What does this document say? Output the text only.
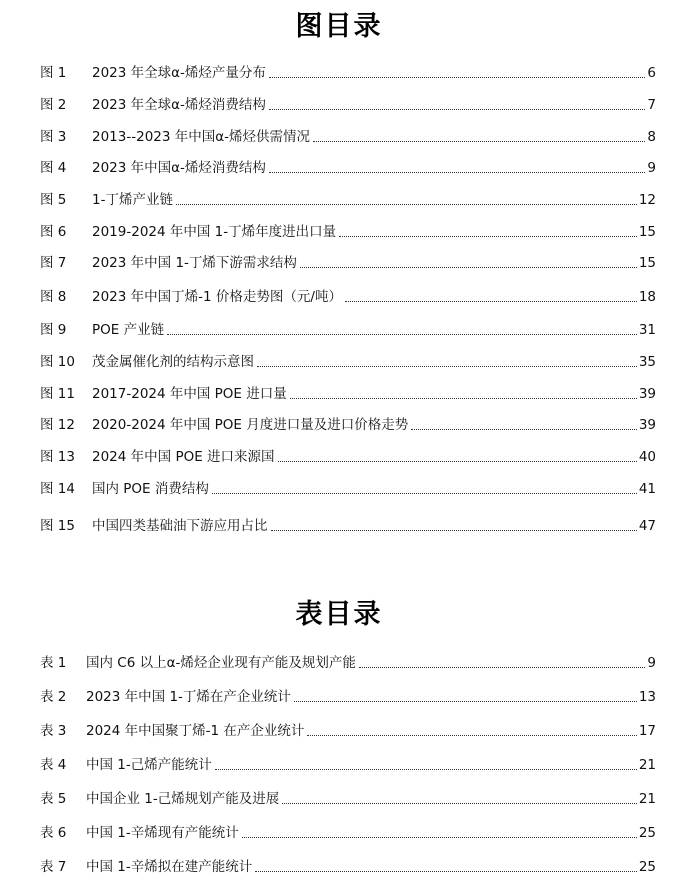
图目录
图 1	2023 年全球α-烯烃产量分布	6
图 2	2023 年全球α-烯烃消费结构	7
图 3	2013--2023 年中国α-烯烃供需情况	8
图 4	2023 年中国α-烯烃消费结构	9
图 5	1-丁烯产业链	12
图 6	2019-2024 年中国 1-丁烯年度进出口量	15
图 7	2023 年中国 1-丁烯下游需求结构	15
图 8	2023 年中国丁烯-1 价格走势图（元/吨）	18
图 9	POE 产业链	31
图 10	茂金属催化剂的结构示意图	35
图 11	2017-2024 年中国 POE 进口量	39
图 12	2020-2024 年中国 POE 月度进口量及进口价格走势	39
图 13	2024 年中国 POE 进口来源国	40
图 14	国内 POE 消费结构	41
图 15	中国四类基础油下游应用占比	47
表目录
表 1	国内 C6 以上α-烯烃企业现有产能及规划产能	9
表 2	2023 年中国 1-丁烯在产企业统计	13
表 3	2024 年中国聚丁烯-1 在产企业统计	17
表 4	中国 1-己烯产能统计	21
表 5	中国企业 1-己烯规划产能及进展	21
表 6	中国 1-辛烯现有产能统计	25
表 7	中国 1-辛烯拟在建产能统计	25
